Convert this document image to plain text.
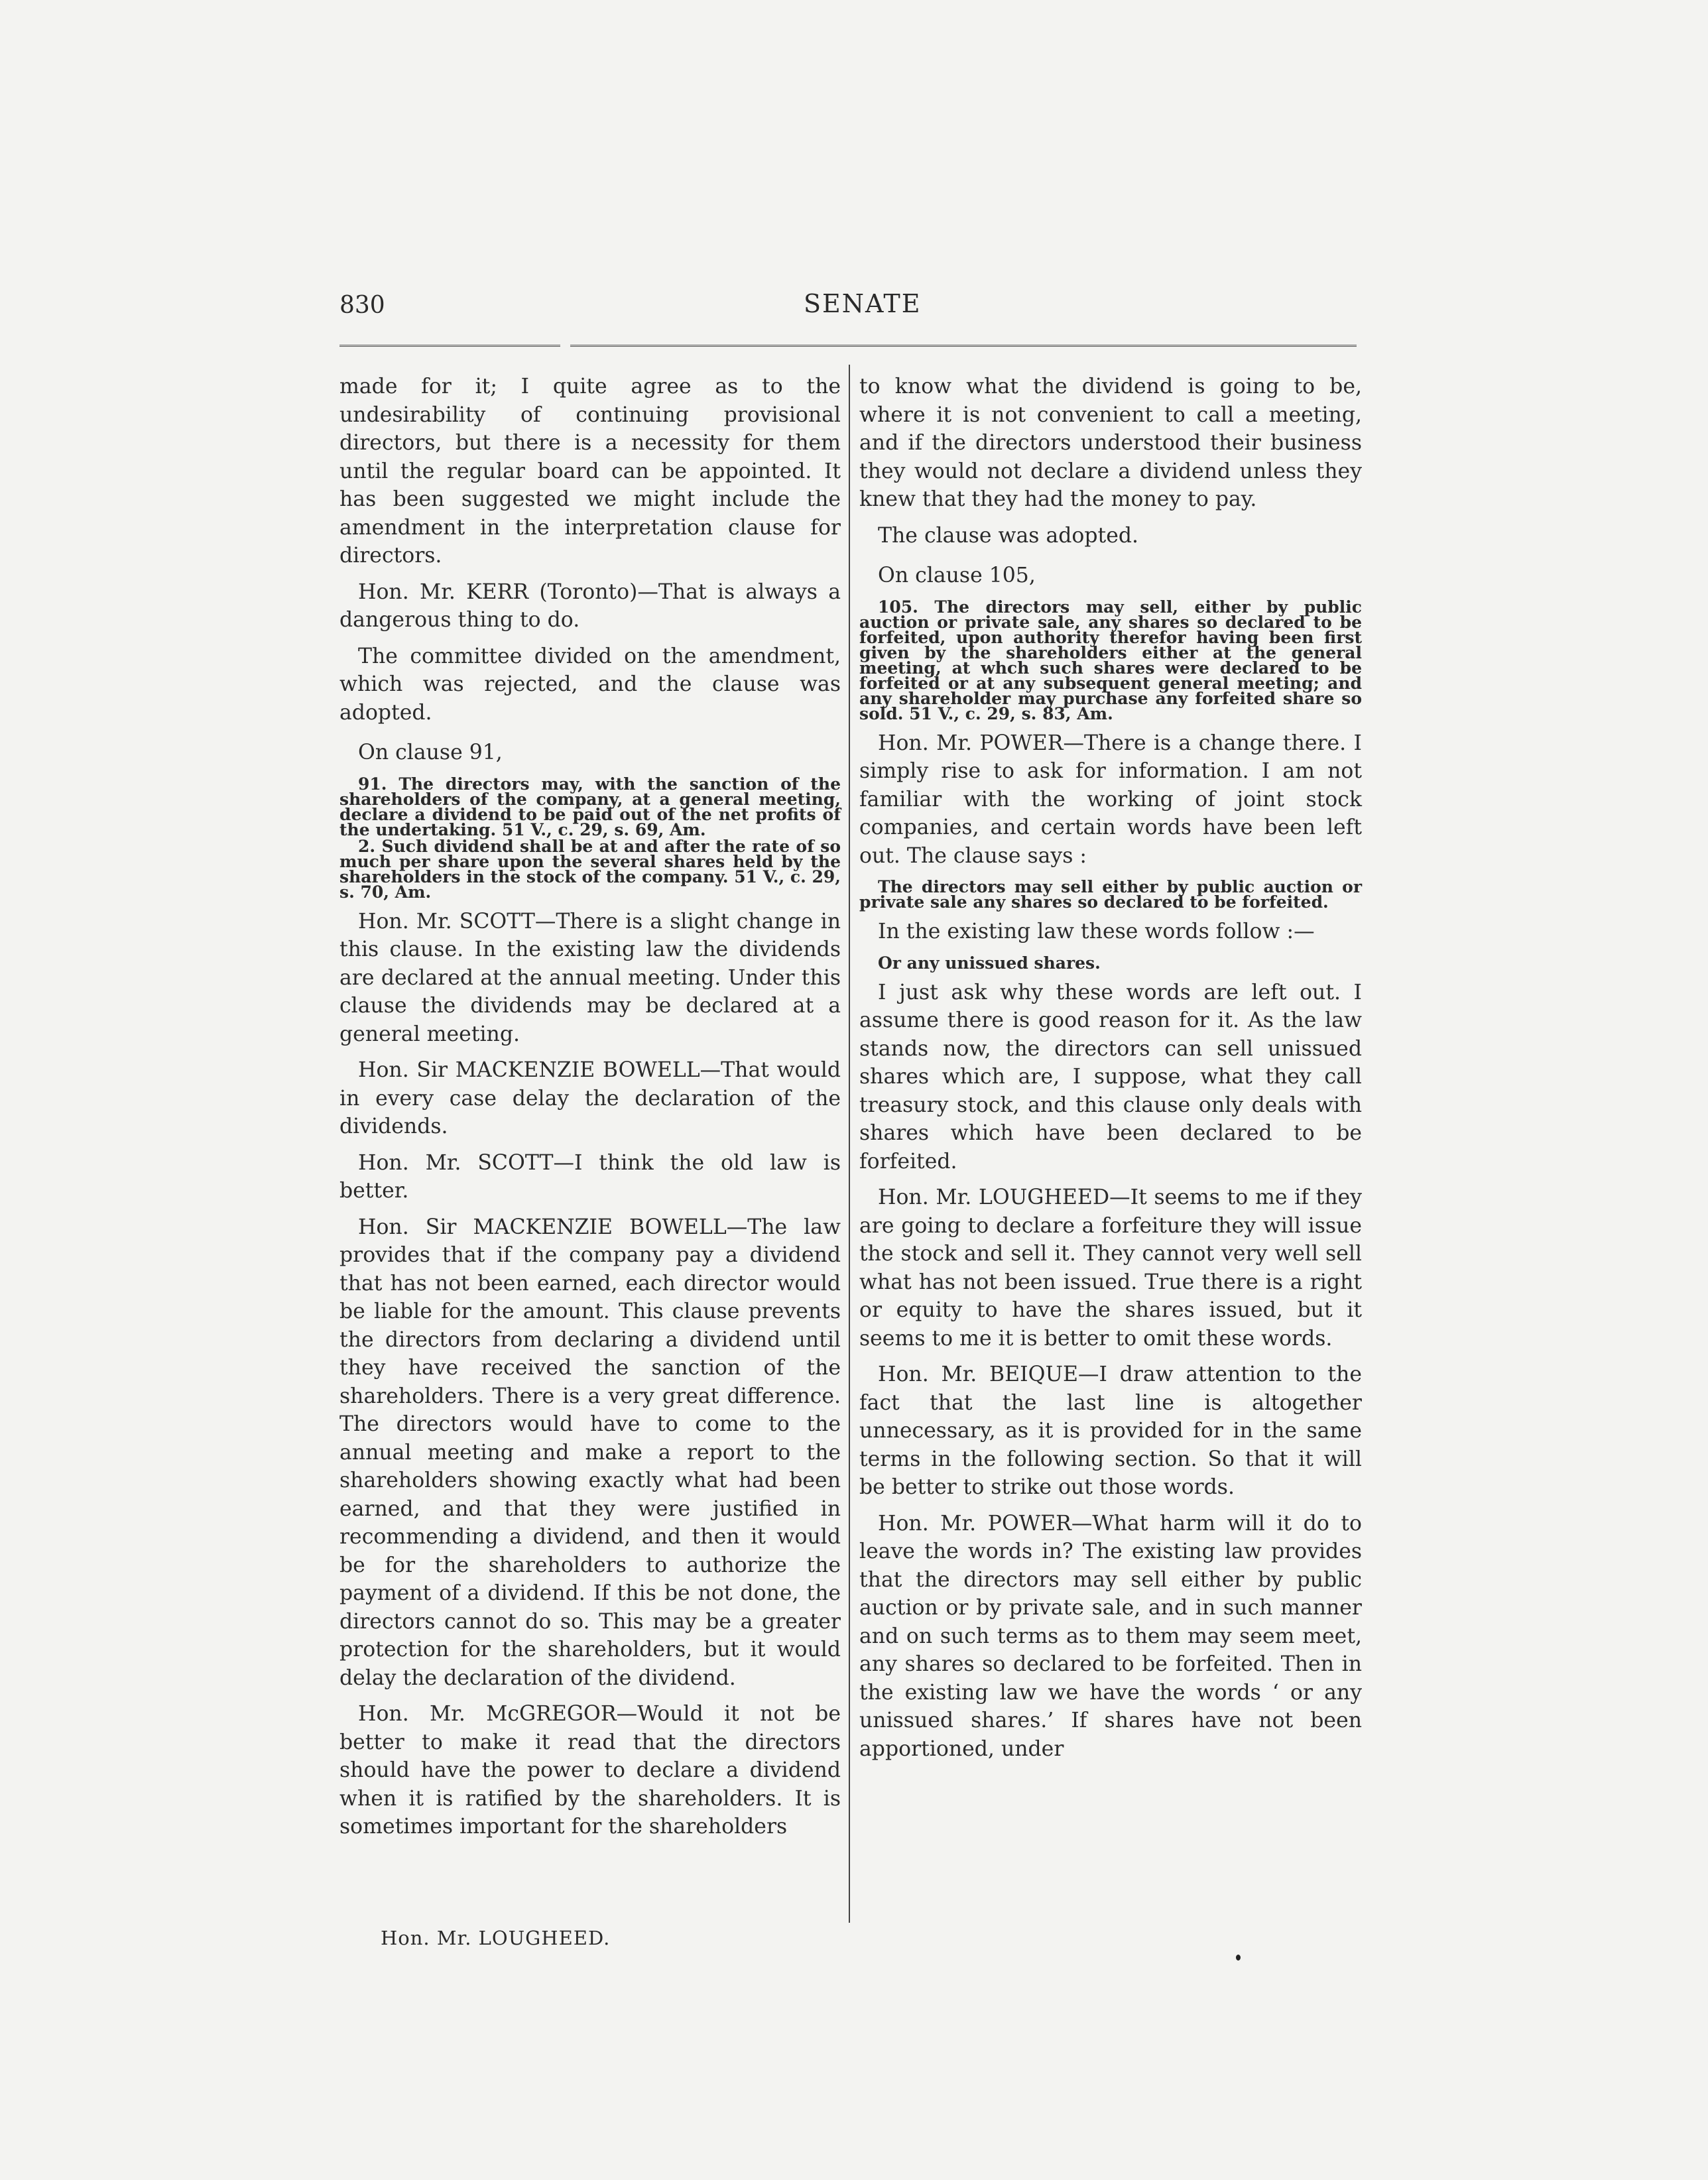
830	SENATE

made for it; I quite agree as to the undesirability of continuing provisional directors, but there is a necessity for them until the regular board can be appointed. It has been suggested we might include the amendment in the interpretation clause for directors.

Hon. Mr. KERR (Toronto)—That is always a dangerous thing to do.

The committee divided on the amendment, which was rejected, and the clause was adopted.

On clause 91,

91. The directors may, with the sanction of the shareholders of the company, at a general meeting, declare a dividend to be paid out of the net profits of the undertaking. 51 V., c. 29, s. 69, Am.

2. Such dividend shall be at and after the rate of so much per share upon the several shares held by the shareholders in the stock of the company. 51 V., c. 29, s. 70, Am.

Hon. Mr. SCOTT—There is a slight change in this clause. In the existing law the dividends are declared at the annual meeting. Under this clause the dividends may be declared at a general meeting.

Hon. Sir MACKENZIE BOWELL—That would in every case delay the declaration of the dividends.

Hon. Mr. SCOTT—I think the old law is better.

Hon. Sir MACKENZIE BOWELL—The law provides that if the company pay a dividend that has not been earned, each director would be liable for the amount. This clause prevents the directors from declaring a dividend until they have received the sanction of the shareholders. There is a very great difference. The directors would have to come to the annual meeting and make a report to the shareholders showing exactly what had been earned, and that they were justified in recommending a dividend, and then it would be for the shareholders to authorize the payment of a dividend. If this be not done, the directors cannot do so. This may be a greater protection for the shareholders, but it would delay the declaration of the dividend.

Hon. Mr. McGREGOR—Would it not be better to make it read that the directors should have the power to declare a dividend when it is ratified by the shareholders. It is sometimes important for the shareholders

to know what the dividend is going to be, where it is not convenient to call a meeting, and if the directors understood their business they would not declare a dividend unless they knew that they had the money to pay.

The clause was adopted.

On clause 105,

105. The directors may sell, either by public auction or private sale, any shares so declared to be forfeited, upon authority therefor having been first given by the shareholders either at the general meeting, at whch such shares were declared to be forfeited or at any subsequent general meeting; and any shareholder may purchase any forfeited share so sold. 51 V., c. 29, s. 83, Am.

Hon. Mr. POWER—There is a change there. I simply rise to ask for information. I am not familiar with the working of joint stock companies, and certain words have been left out. The clause says :

The directors may sell either by public auction or private sale any shares so declared to be forfeited.

In the existing law these words follow :—

Or any unissued shares.

I just ask why these words are left out. I assume there is good reason for it. As the law stands now, the directors can sell unissued shares which are, I suppose, what they call treasury stock, and this clause only deals with shares which have been declared to be forfeited.

Hon. Mr. LOUGHEED—It seems to me if they are going to declare a forfeiture they will issue the stock and sell it. They cannot very well sell what has not been issued. True there is a right or equity to have the shares issued, but it seems to me it is better to omit these words.

Hon. Mr. BEIQUE—I draw attention to the fact that the last line is altogether unnecessary, as it is provided for in the same terms in the following section. So that it will be better to strike out those words.

Hon. Mr. POWER—What harm will it do to leave the words in? The existing law provides that the directors may sell either by public auction or by private sale, and in such manner and on such terms as to them may seem meet, any shares so declared to be forfeited. Then in the existing law we have the words ‘ or any unissued shares.’ If shares have not been apportioned, under

Hon. Mr. LOUGHEED.
